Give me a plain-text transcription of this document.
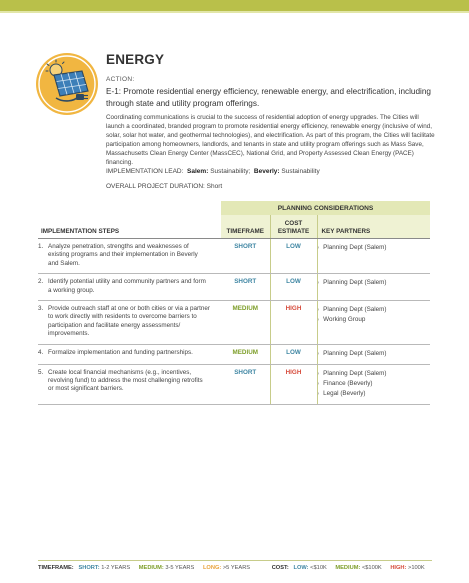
ENERGY
ACTION:
E-1: Promote residential energy efficiency, renewable energy, and electrification, including through state and utility program offerings.
Coordinating communications is crucial to the success of residential adoption of energy upgrades. The Cities will launch a coordinated, branded program to promote residential energy efficiency, renewable energy (inclusive of wind, solar, solar hot water, and geothermal technologies), and electrification. As part of this program, the Cities will facilitate participation among homeowners, landlords, and tenants in state and utility program offerings such as Mass Save, Massachusetts Clean Energy Center (MassCEC), National Grid, and Property Assessed Clean Energy (PACE) financing.
IMPLEMENTATION LEAD: Salem: Sustainability; Beverly: Sustainability
OVERALL PROJECT DURATION: Short
	PLANNING CONSIDERATIONS		
IMPLEMENTATION STEPS	TIMEFRAME	COST ESTIMATE	KEY PARTNERS
1. Analyze penetration, strengths and weaknesses of existing programs and their implementation in Beverly and Salem.	SHORT	LOW	› Planning Dept (Salem)

2. Identify potential utility and community partners and form a working group.	SHORT	LOW	› Planning Dept (Salem)

3. Provide outreach staff at one or both cities or via a partner to work directly with residents to overcome barriers to participation and facilitate energy assessments/ improvements.	MEDIUM	HIGH	› Planning Dept (Salem)
› Working Group

4. Formalize implementation and funding partnerships.	MEDIUM	LOW	› Planning Dept (Salem)

5. Create local financial mechanisms (e.g., incentives, revolving fund) to address the most challenging retrofits or most significant barriers.	SHORT	HIGH	› Planning Dept (Salem)
› Finance (Beverly)
› Legal (Beverly)
TIMEFRAME: SHORT: 1-2 YEARS MEDIUM: 3-5 YEARS LONG: >5 YEARS	COST: LOW: <$10K MEDIUM: <$100K HIGH: >100K
